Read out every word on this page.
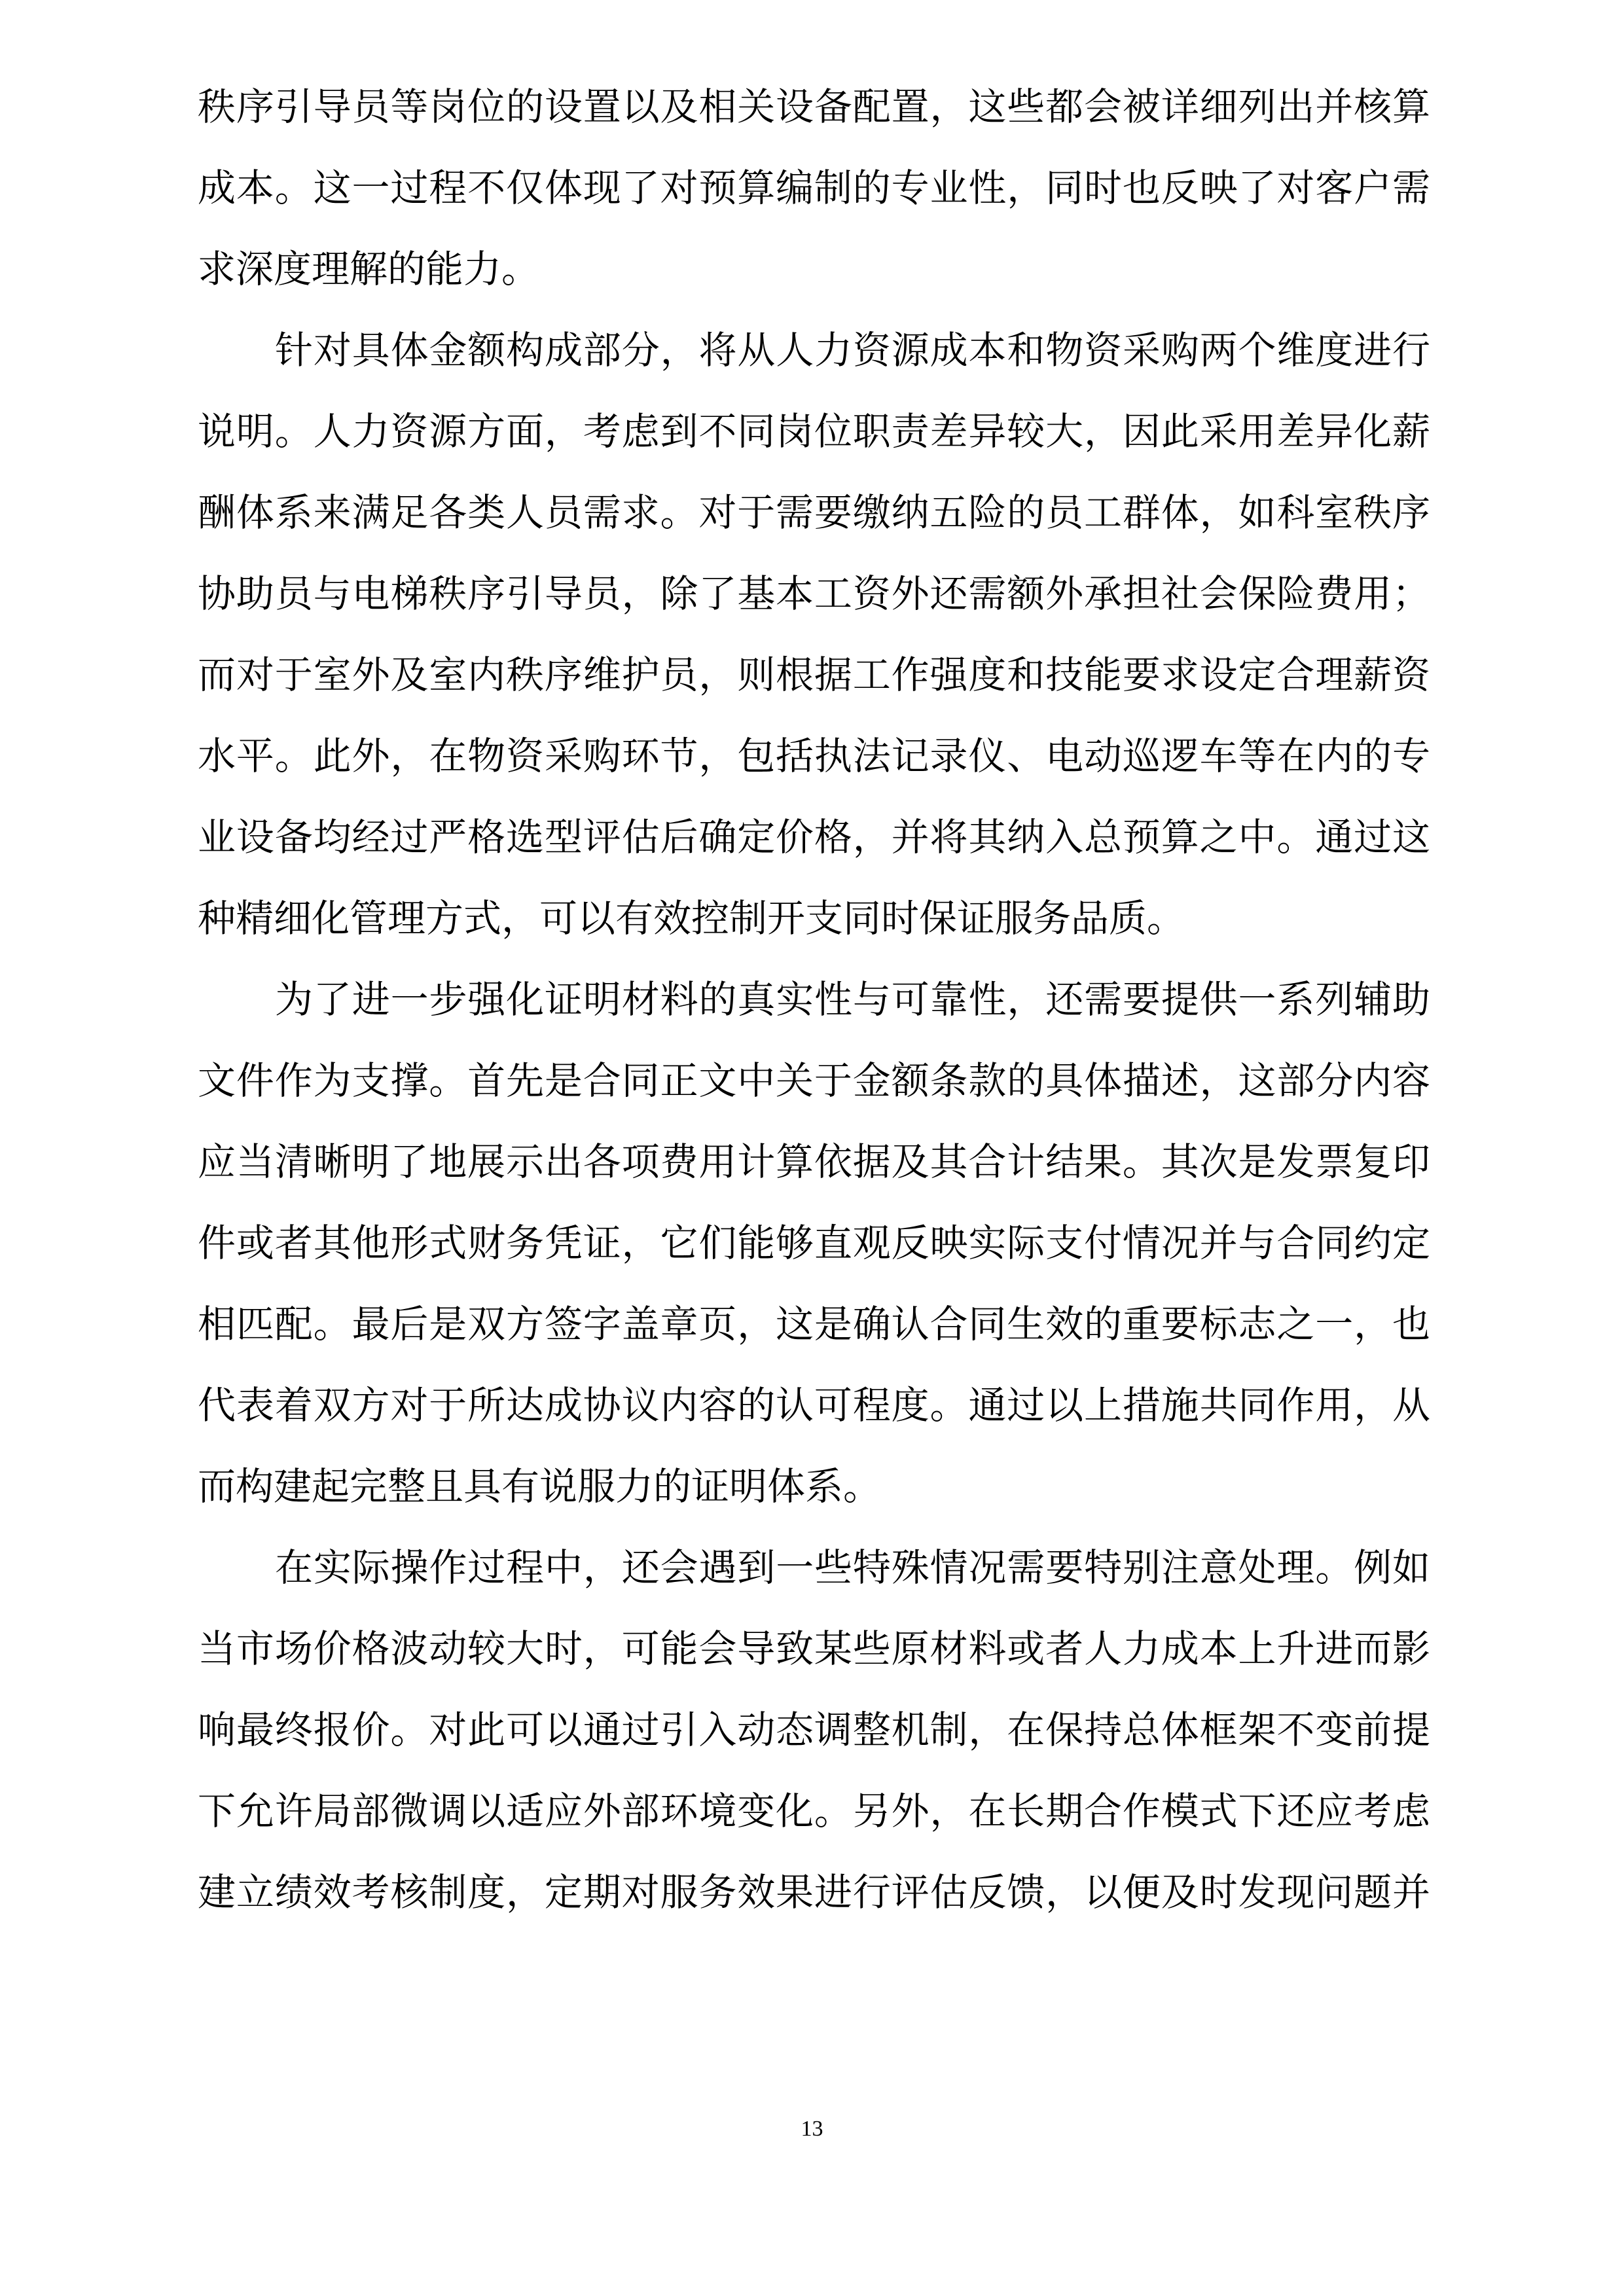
秩序引导员等岗位的设置以及相关设备配置，这些都会被详细列出并核算
成本。这一过程不仅体现了对预算编制的专业性，同时也反映了对客户需
求深度理解的能力。
针对具体金额构成部分，将从人力资源成本和物资采购两个维度进行
说明。人力资源方面，考虑到不同岗位职责差异较大，因此采用差异化薪
酬体系来满足各类人员需求。对于需要缴纳五险的员工群体，如科室秩序
协助员与电梯秩序引导员，除了基本工资外还需额外承担社会保险费用；
而对于室外及室内秩序维护员，则根据工作强度和技能要求设定合理薪资
水平。此外，在物资采购环节，包括执法记录仪、电动巡逻车等在内的专
业设备均经过严格选型评估后确定价格，并将其纳入总预算之中。通过这
种精细化管理方式，可以有效控制开支同时保证服务品质。
为了进一步强化证明材料的真实性与可靠性，还需要提供一系列辅助
文件作为支撑。首先是合同正文中关于金额条款的具体描述，这部分内容
应当清晰明了地展示出各项费用计算依据及其合计结果。其次是发票复印
件或者其他形式财务凭证，它们能够直观反映实际支付情况并与合同约定
相匹配。最后是双方签字盖章页，这是确认合同生效的重要标志之一，也
代表着双方对于所达成协议内容的认可程度。通过以上措施共同作用，从
而构建起完整且具有说服力的证明体系。
在实际操作过程中，还会遇到一些特殊情况需要特别注意处理。例如
当市场价格波动较大时，可能会导致某些原材料或者人力成本上升进而影
响最终报价。对此可以通过引入动态调整机制，在保持总体框架不变前提
下允许局部微调以适应外部环境变化。另外，在长期合作模式下还应考虑
建立绩效考核制度，定期对服务效果进行评估反馈，以便及时发现问题并
13
